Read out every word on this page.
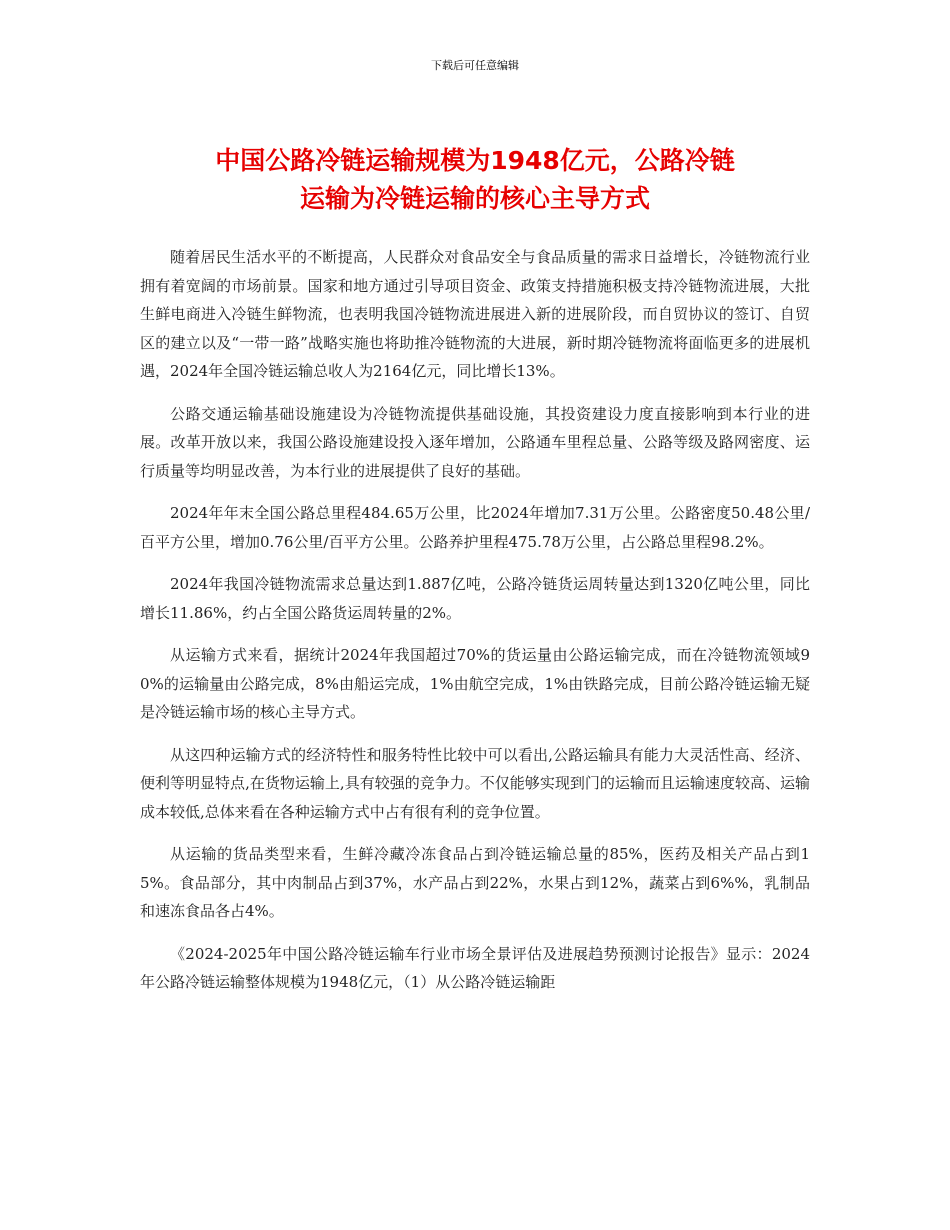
下载后可任意编辑
中国公路冷链运输规模为1948亿元，公路冷链
运输为冷链运输的核心主导方式

随着居民生活水平的不断提高，人民群众对食品安全与食品质量的需求日益增长，冷链物流行业拥有着宽阔的市场前景。国家和地方通过引导项目资金、政策支持措施积极支持冷链物流进展，大批生鲜电商进入冷链生鲜物流，也表明我国冷链物流进展进入新的进展阶段，而自贸协议的签订、自贸区的建立以及“一带一路”战略实施也将助推冷链物流的大进展，新时期冷链物流将面临更多的进展机遇，2024年全国冷链运输总收人为2164亿元，同比增长13%。

公路交通运输基础设施建设为冷链物流提供基础设施，其投资建设力度直接影响到本行业的进展。改革开放以来，我国公路设施建设投入逐年增加，公路通车里程总量、公路等级及路网密度、运行质量等均明显改善，为本行业的进展提供了良好的基础。

2024年年末全国公路总里程484.65万公里，比2024年增加7.31万公里。公路密度50.48公里/百平方公里，增加0.76公里/百平方公里。公路养护里程475.78万公里，占公路总里程98.2%。

2024年我国冷链物流需求总量达到1.887亿吨，公路冷链货运周转量达到1320亿吨公里，同比增长11.86%，约占全国公路货运周转量的2%。

从运输方式来看，据统计2024年我国超过70%的货运量由公路运输完成，而在冷链物流领域90%的运输量由公路完成，8%由船运完成，1%由航空完成，1%由铁路完成，目前公路冷链运输无疑是冷链运输市场的核心主导方式。

从这四种运输方式的经济特性和服务特性比较中可以看出,公路运输具有能力大灵活性高、经济、便利等明显特点,在货物运输上,具有较强的竞争力。不仅能够实现到门的运输而且运输速度较高、运输成本较低,总体来看在各种运输方式中占有很有利的竞争位置。

从运输的货品类型来看，生鲜冷藏冷冻食品占到冷链运输总量的85%，医药及相关产品占到15%。食品部分，其中肉制品占到37%，水产品占到22%，水果占到12%，蔬菜占到6%%，乳制品和速冻食品各占4%。

《2024-2025年中国公路冷链运输车行业市场全景评估及进展趋势预测讨论报告》显示：2024年公路冷链运输整体规模为1948亿元，（1）从公路冷链运输距
